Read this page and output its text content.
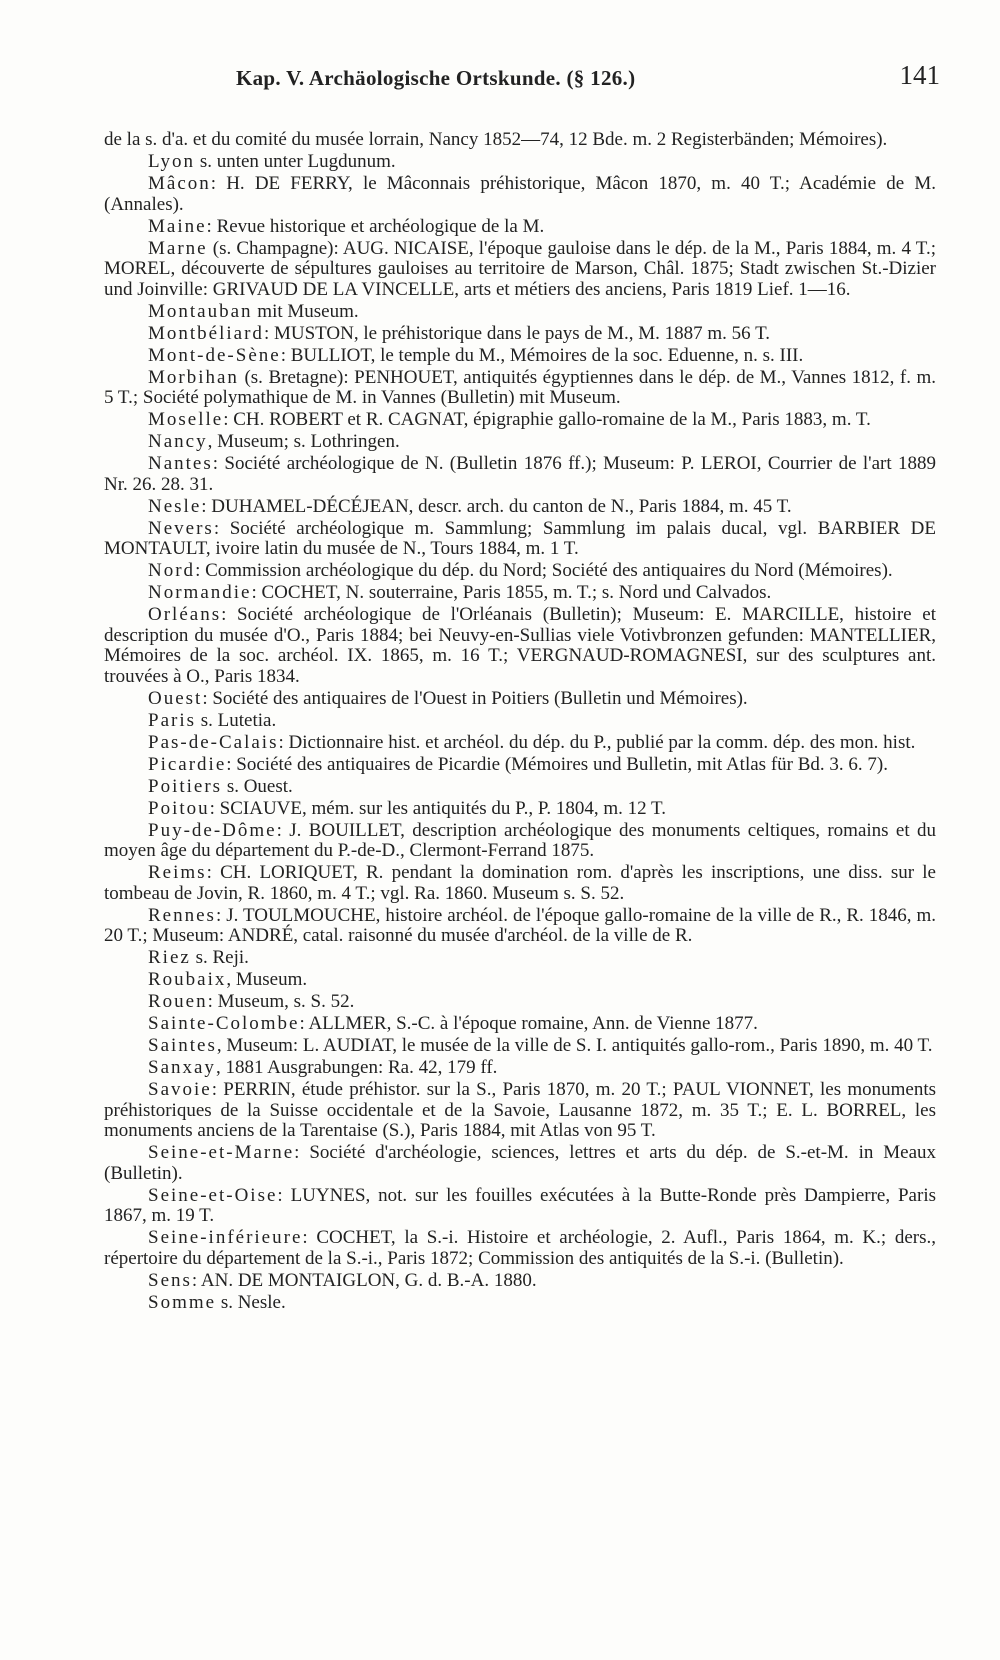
Kap. V. Archäologische Ortskunde. (§ 126.)	141

de la s. d'a. et du comité du musée lorrain, Nancy 1852—74, 12 Bde. m. 2 Registerbänden; Mémoires).

Lyon s. unten unter Lugdunum.

Mâcon: H. DE FERRY, le Mâconnais préhistorique, Mâcon 1870, m. 40 T.; Académie de M. (Annales).

Maine: Revue historique et archéologique de la M.

Marne (s. Champagne): AUG. NICAISE, l'époque gauloise dans le dép. de la M., Paris 1884, m. 4 T.; MOREL, découverte de sépultures gauloises au territoire de Marson, Châl. 1875; Stadt zwischen St.-Dizier und Joinville: GRIVAUD DE LA VINCELLE, arts et métiers des anciens, Paris 1819 Lief. 1—16.

Montauban mit Museum.

Montbéliard: MUSTON, le préhistorique dans le pays de M., M. 1887 m. 56 T.

Mont-de-Sène: BULLIOT, le temple du M., Mémoires de la soc. Eduenne, n. s. III.

Morbihan (s. Bretagne): PENHOUET, antiquités égyptiennes dans le dép. de M., Vannes 1812, f. m. 5 T.; Société polymathique de M. in Vannes (Bulletin) mit Museum.

Moselle: CH. ROBERT et R. CAGNAT, épigraphie gallo-romaine de la M., Paris 1883, m. T.

Nancy, Museum; s. Lothringen.

Nantes: Société archéologique de N. (Bulletin 1876 ff.); Museum: P. LEROI, Courrier de l'art 1889 Nr. 26. 28. 31.

Nesle: DUHAMEL-DÉCÉJEAN, descr. arch. du canton de N., Paris 1884, m. 45 T.

Nevers: Société archéologique m. Sammlung; Sammlung im palais ducal, vgl. BARBIER DE MONTAULT, ivoire latin du musée de N., Tours 1884, m. 1 T.

Nord: Commission archéologique du dép. du Nord; Société des antiquaires du Nord (Mémoires).

Normandie: COCHET, N. souterraine, Paris 1855, m. T.; s. Nord und Calvados.

Orléans: Société archéologique de l'Orléanais (Bulletin); Museum: E. MARCILLE, histoire et description du musée d'O., Paris 1884; bei Neuvy-en-Sullias viele Votivbronzen gefunden: MANTELLIER, Mémoires de la soc. archéol. IX. 1865, m. 16 T.; VERGNAUD-ROMAGNESI, sur des sculptures ant. trouvées à O., Paris 1834.

Ouest: Société des antiquaires de l'Ouest in Poitiers (Bulletin und Mémoires).

Paris s. Lutetia.

Pas-de-Calais: Dictionnaire hist. et archéol. du dép. du P., publié par la comm. dép. des mon. hist.

Picardie: Société des antiquaires de Picardie (Mémoires und Bulletin, mit Atlas für Bd. 3. 6. 7).

Poitiers s. Ouest.

Poitou: SCIAUVE, mém. sur les antiquités du P., P. 1804, m. 12 T.

Puy-de-Dôme: J. BOUILLET, description archéologique des monuments celtiques, romains et du moyen âge du département du P.-de-D., Clermont-Ferrand 1875.

Reims: CH. LORIQUET, R. pendant la domination rom. d'après les inscriptions, une diss. sur le tombeau de Jovin, R. 1860, m. 4 T.; vgl. Ra. 1860. Museum s. S. 52.

Rennes: J. TOULMOUCHE, histoire archéol. de l'époque gallo-romaine de la ville de R., R. 1846, m. 20 T.; Museum: ANDRÉ, catal. raisonné du musée d'archéol. de la ville de R.

Riez s. Reji.

Roubaix, Museum.

Rouen: Museum, s. S. 52.

Sainte-Colombe: ALLMER, S.-C. à l'époque romaine, Ann. de Vienne 1877.

Saintes, Museum: L. AUDIAT, le musée de la ville de S. I. antiquités gallo-rom., Paris 1890, m. 40 T.

Sanxay, 1881 Ausgrabungen: Ra. 42, 179 ff.

Savoie: PERRIN, étude préhistor. sur la S., Paris 1870, m. 20 T.; PAUL VIONNET, les monuments préhistoriques de la Suisse occidentale et de la Savoie, Lausanne 1872, m. 35 T.; E. L. BORREL, les monuments anciens de la Tarentaise (S.), Paris 1884, mit Atlas von 95 T.

Seine-et-Marne: Société d'archéologie, sciences, lettres et arts du dép. de S.-et-M. in Meaux (Bulletin).

Seine-et-Oise: LUYNES, not. sur les fouilles exécutées à la Butte-Ronde près Dampierre, Paris 1867, m. 19 T.

Seine-inférieure: COCHET, la S.-i. Histoire et archéologie, 2. Aufl., Paris 1864, m. K.; ders., répertoire du département de la S.-i., Paris 1872; Commission des antiquités de la S.-i. (Bulletin).

Sens: AN. DE MONTAIGLON, G. d. B.-A. 1880.

Somme s. Nesle.
